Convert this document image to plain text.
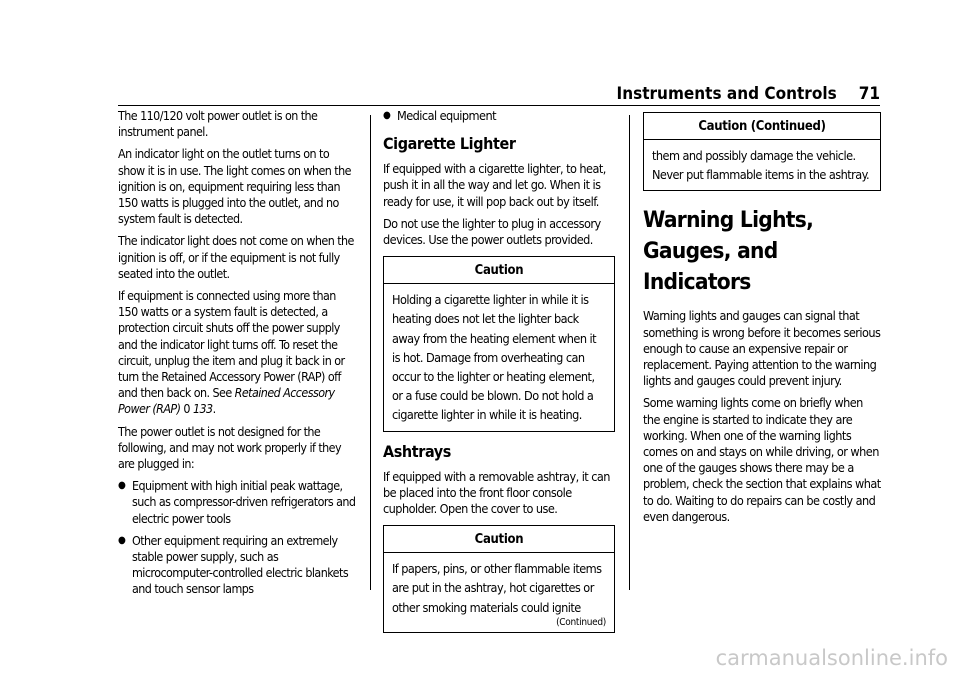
Instruments and Controls 71

The 110/120 volt power outlet is on the instrument panel.

An indicator light on the outlet turns on to show it is in use. The light comes on when the ignition is on, equipment requiring less than 150 watts is plugged into the outlet, and no system fault is detected.

The indicator light does not come on when the ignition is off, or if the equipment is not fully seated into the outlet.

If equipment is connected using more than 150 watts or a system fault is detected, a protection circuit shuts off the power supply and the indicator light turns off. To reset the circuit, unplug the item and plug it back in or turn the Retained Accessory Power (RAP) off and then back on. See Retained Accessory Power (RAP) 0 133.

The power outlet is not designed for the following, and may not work properly if they are plugged in:

● Equipment with high initial peak wattage, such as compressor-driven refrigerators and electric power tools
● Other equipment requiring an extremely stable power supply, such as microcomputer-controlled electric blankets and touch sensor lamps
● Medical equipment
Cigarette Lighter

If equipped with a cigarette lighter, to heat, push it in all the way and let go. When it is ready for use, it will pop back out by itself.

Do not use the lighter to plug in accessory devices. Use the power outlets provided.

Caution

Holding a cigarette lighter in while it is heating does not let the lighter back away from the heating element when it is hot. Damage from overheating can occur to the lighter or heating element, or a fuse could be blown. Do not hold a cigarette lighter in while it is heating.

Ashtrays

If equipped with a removable ashtray, it can be placed into the front floor console cupholder. Open the cover to use.

Caution

If papers, pins, or other flammable items are put in the ashtray, hot cigarettes or other smoking materials could ignite

(Continued)
Caution (Continued)

them and possibly damage the vehicle. Never put flammable items in the ashtray.

Warning Lights, Gauges, and Indicators

Warning lights and gauges can signal that something is wrong before it becomes serious enough to cause an expensive repair or replacement. Paying attention to the warning lights and gauges could prevent injury.

Some warning lights come on briefly when the engine is started to indicate they are working. When one of the warning lights comes on and stays on while driving, or when one of the gauges shows there may be a problem, check the section that explains what to do. Waiting to do repairs can be costly and even dangerous.

carmanualsonline.info
